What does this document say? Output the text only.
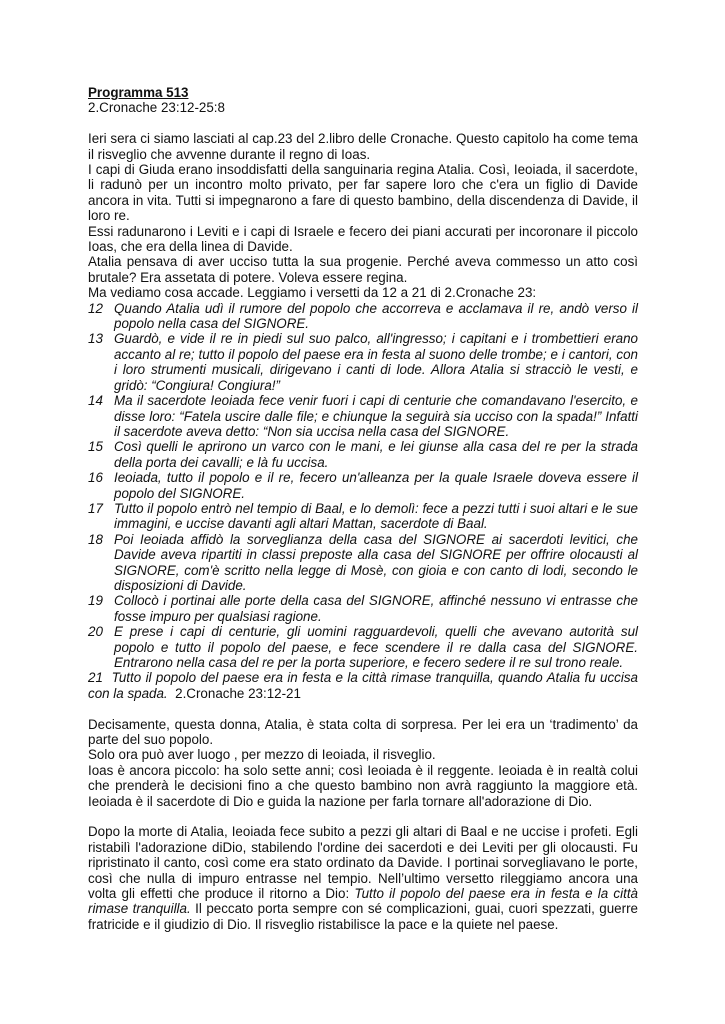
Programma 513

2.Cronache 23:12-25:8

Ieri sera ci siamo lasciati al cap.23 del 2.libro delle Cronache. Questo capitolo ha come tema il risveglio che avvenne durante il regno di Ioas.

I capi di Giuda erano insoddisfatti della sanguinaria regina Atalia. Così, Ieoiada, il sacerdote, li radunò per un incontro molto privato, per far sapere loro che c'era un figlio di Davide ancora in vita. Tutti si impegnarono a fare di questo bambino, della discendenza di Davide, il loro re.

Essi radunarono i Leviti e i capi di Israele e fecero dei piani accurati per incoronare il piccolo Ioas, che era della linea di Davide.

Atalia pensava di aver ucciso tutta la sua progenie. Perché aveva commesso un atto così brutale? Era assetata di potere. Voleva essere regina.

Ma vediamo cosa accade. Leggiamo i versetti da 12 a 21 di 2.Cronache 23:

12 Quando Atalia udì il rumore del popolo che accorreva e acclamava il re, andò verso il popolo nella casa del SIGNORE.
13 Guardò, e vide il re in piedi sul suo palco, all'ingresso; i capitani e i trombettieri erano accanto al re; tutto il popolo del paese era in festa al suono delle trombe; e i cantori, con i loro strumenti musicali, dirigevano i canti di lode. Allora Atalia si stracciò le vesti, e gridò: “Congiura! Congiura!”
14 Ma il sacerdote Ieoiada fece venir fuori i capi di centurie che comandavano l'esercito, e disse loro: “Fatela uscire dalle file; e chiunque la seguirà sia ucciso con la spada!” Infatti il sacerdote aveva detto: “Non sia uccisa nella casa del SIGNORE.
15 Così quelli le aprirono un varco con le mani, e lei giunse alla casa del re per la strada della porta dei cavalli; e là fu uccisa.
16 Ieoiada, tutto il popolo e il re, fecero un'alleanza per la quale Israele doveva essere il popolo del SIGNORE.
17 Tutto il popolo entrò nel tempio di Baal, e lo demolì: fece a pezzi tutti i suoi altari e le sue immagini, e uccise davanti agli altari Mattan, sacerdote di Baal.
18 Poi Ieoiada affidò la sorveglianza della casa del SIGNORE ai sacerdoti levitici, che Davide aveva ripartiti in classi preposte alla casa del SIGNORE per offrire olocausti al SIGNORE, com'è scritto nella legge di Mosè, con gioia e con canto di lodi, secondo le disposizioni di Davide.
19 Collocò i portinai alle porte della casa del SIGNORE, affinché nessuno vi entrasse che fosse impuro per qualsiasi ragione.
20 E prese i capi di centurie, gli uomini ragguardevoli, quelli che avevano autorità sul popolo e tutto il popolo del paese, e fece scendere il re dalla casa del SIGNORE. Entrarono nella casa del re per la porta superiore, e fecero sedere il re sul trono reale.

21 Tutto il popolo del paese era in festa e la città rimase tranquilla, quando Atalia fu uccisa con la spada. 2.Cronache 23:12-21

Decisamente, questa donna, Atalia, è stata colta di sorpresa. Per lei era un ‘tradimento’ da parte del suo popolo.

Solo ora può aver luogo , per mezzo di Ieoiada, il risveglio.

Ioas è ancora piccolo: ha solo sette anni; così Ieoiada è il reggente. Ieoiada è in realtà colui che prenderà le decisioni fino a che questo bambino non avrà raggiunto la maggiore età. Ieoiada è il sacerdote di Dio e guida la nazione per farla tornare all'adorazione di Dio.

Dopo la morte di Atalia, Ieoiada fece subito a pezzi gli altari di Baal e ne uccise i profeti. Egli ristabilì l'adorazione diDio, stabilendo l'ordine dei sacerdoti e dei Leviti per gli olocausti. Fu ripristinato il canto, così come era stato ordinato da Davide. I portinai sorvegliavano le porte, così che nulla di impuro entrasse nel tempio. Nell’ultimo versetto rileggiamo ancora una volta gli effetti che produce il ritorno a Dio: Tutto il popolo del paese era in festa e la città rimase tranquilla. Il peccato porta sempre con sé complicazioni, guai, cuori spezzati, guerre fratricide e il giudizio di Dio. Il risveglio ristabilisce la pace e la quiete nel paese.
